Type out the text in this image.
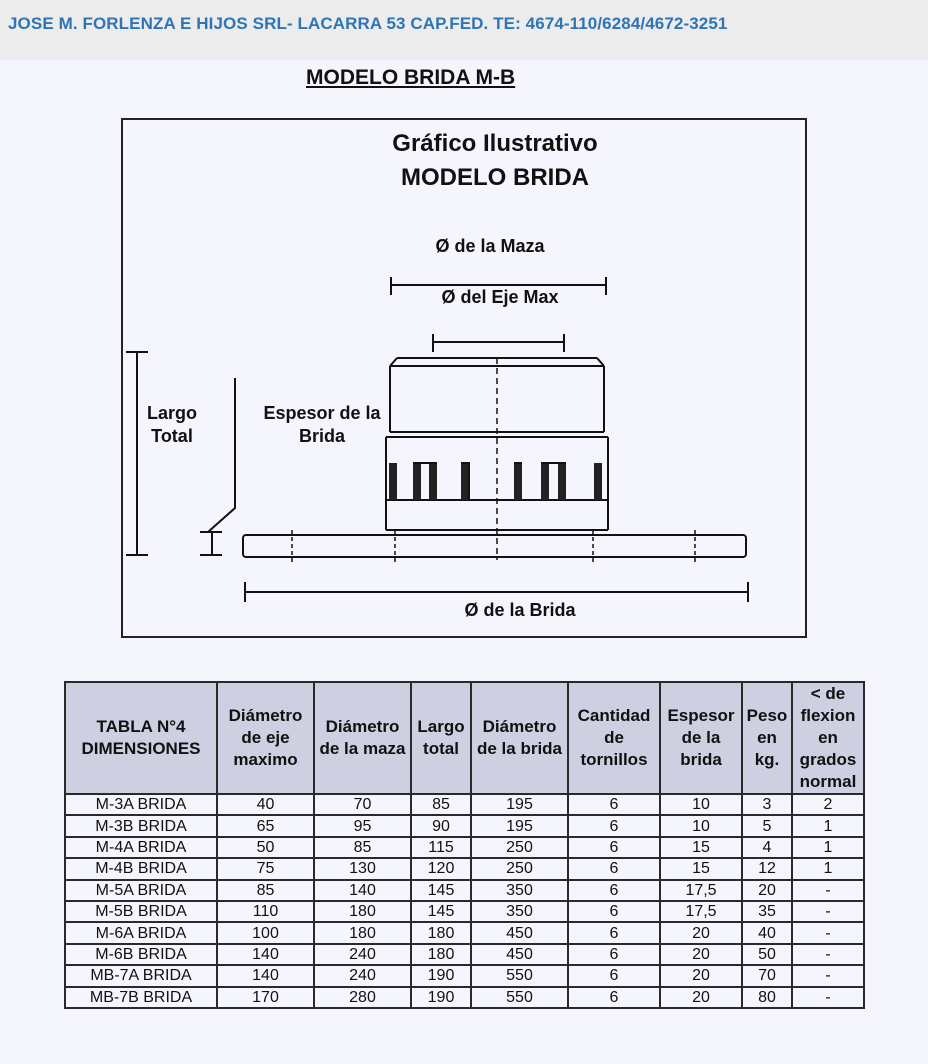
JOSE M. FORLENZA E HIJOS SRL- LACARRA 53 CAP.FED. TE: 4674-110/6284/4672-3251
MODELO BRIDA M-B
Gráfico Ilustrativo
MODELO BRIDA
Ø de la Maza
Ø del Eje Max
Largo Total
Espesor de la Brida
Ø de la Brida
TABLA N°4 DIMENSIONES	Diámetro de eje maximo	Diámetro de la maza	Largo total	Diámetro de la brida	Cantidad de tornillos	Espesor de la brida	Peso en kg.	< de flexion en grados normal
M-3A BRIDA	40	70	85	195	6	10	3	2
M-3B BRIDA	65	95	90	195	6	10	5	1
M-4A BRIDA	50	85	115	250	6	15	4	1
M-4B BRIDA	75	130	120	250	6	15	12	1
M-5A BRIDA	85	140	145	350	6	17,5	20	-
M-5B BRIDA	110	180	145	350	6	17,5	35	-
M-6A BRIDA	100	180	180	450	6	20	40	-
M-6B BRIDA	140	240	180	450	6	20	50	-
MB-7A BRIDA	140	240	190	550	6	20	70	-
MB-7B BRIDA	170	280	190	550	6	20	80	-
